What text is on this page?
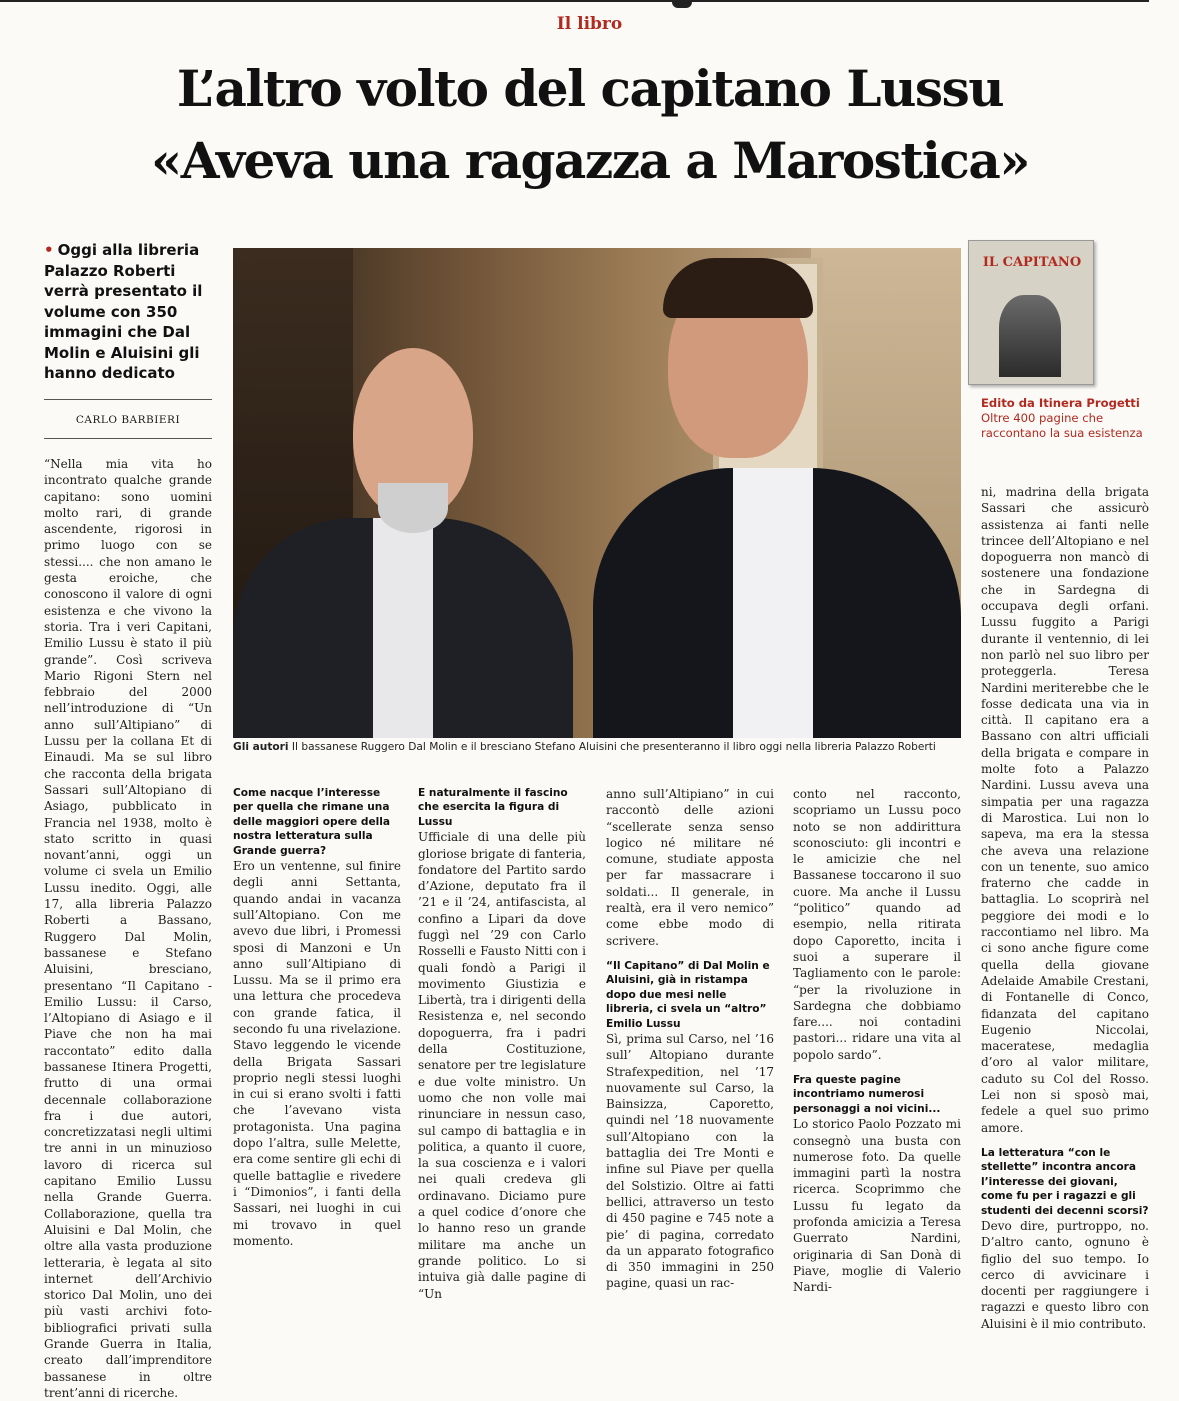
Il libro
L’altro volto del capitano Lussu
«Aveva una ragazza a Marostica»
• Oggi alla libreria Palazzo Roberti verrà presentato il volume con 350 immagini che Dal Molin e Aluisini gli hanno dedicato
CARLO BARBIERI

“Nella mia vita ho incontrato qualche grande capitano: sono uomini molto rari, di grande ascendente, rigorosi in primo luogo con se stessi.... che non amano le gesta eroiche, che conoscono il valore di ogni esistenza e che vivono la storia. Tra i veri Capitani, Emilio Lussu è stato il più grande”. Così scriveva Mario Rigoni Stern nel febbraio del 2000 nell’introduzione di “Un anno sull’Altipiano” di Lussu per la collana Et di Einaudi. Ma se sul libro che racconta della brigata Sassari sull’Altopiano di Asiago, pubblicato in Francia nel 1938, molto è stato scritto in quasi novant’anni, oggi un volume ci svela un Emilio Lussu inedito. Oggi, alle 17, alla libreria Palazzo Roberti a Bassano, Ruggero Dal Molin, bassanese e Stefano Aluisini, bresciano, presentano “Il Capitano - Emilio Lussu: il Carso, l’Altopiano di Asiago e il Piave che non ha mai raccontato” edito dalla bassanese Itinera Progetti, frutto di una ormai decennale collaborazione fra i due autori, concretizzatasi negli ultimi tre anni in un minuzioso lavoro di ricerca sul capitano Emilio Lussu nella Grande Guerra. Collaborazione, quella tra Aluisini e Dal Molin, che oltre alla vasta produzione letteraria, è legata al sito internet dell’Archivio storico Dal Molin, uno dei più vasti archivi foto-bibliografici privati sulla Grande Guerra in Italia, creato dall’imprenditore bassanese in oltre trent’anni di ricerche.

Gli autori Il bassanese Ruggero Dal Molin e il bresciano Stefano Aluisini che presenteranno il libro oggi nella libreria Palazzo Roberti
IL CAPITANO
Edito da Itinera Progetti
Oltre 400 pagine che raccontano la sua esistenza

Come nacque l’interesse per quella che rimane una delle maggiori opere della nostra letteratura sulla Grande guerra?

Ero un ventenne, sul finire degli anni Settanta, quando andai in vacanza sull’Altopiano. Con me avevo due libri, i Promessi sposi di Manzoni e Un anno sull’Altipiano di Lussu. Ma se il primo era una lettura che procedeva con grande fatica, il secondo fu una rivelazione. Stavo leggendo le vicende della Brigata Sassari proprio negli stessi luoghi in cui si erano svolti i fatti che l’avevano vista protagonista. Una pagina dopo l’altra, sulle Melette, era come sentire gli echi di quelle battaglie e rivedere i “Dimonios”, i fanti della Sassari, nei luoghi in cui mi trovavo in quel momento.

E naturalmente il fascino che esercita la figura di Lussu

Ufficiale di una delle più gloriose brigate di fanteria, fondatore del Partito sardo d’Azione, deputato fra il ’21 e il ’24, antifascista, al confino a Lipari da dove fuggì nel ’29 con Carlo Rosselli e Fausto Nitti con i quali fondò a Parigi il movimento Giustizia e Libertà, tra i dirigenti della Resistenza e, nel secondo dopoguerra, fra i padri della Costituzione, senatore per tre legislature e due volte ministro. Un uomo che non volle mai rinunciare in nessun caso, sul campo di battaglia e in politica, a quanto il cuore, la sua coscienza e i valori nei quali credeva gli ordinavano. Diciamo pure a quel codice d’onore che lo hanno reso un grande militare ma anche un grande politico. Lo si intuiva già dalle pagine di “Un

anno sull’Altipiano” in cui raccontò delle azioni “scellerate senza senso logico né militare né comune, studiate apposta per far massacrare i soldati... Il generale, in realtà, era il vero nemico” come ebbe modo di scrivere.

“Il Capitano” di Dal Molin e Aluisini, già in ristampa dopo due mesi nelle libreria, ci svela un “altro” Emilio Lussu

Sì, prima sul Carso, nel ’16 sull’ Altopiano durante Strafexpedition, nel ’17 nuovamente sul Carso, la Bainsizza, Caporetto, quindi nel ’18 nuovamente sull’Altopiano con la battaglia dei Tre Monti e infine sul Piave per quella del Solstizio. Oltre ai fatti bellici, attraverso un testo di 450 pagine e 745 note a pie’ di pagina, corredato da un apparato fotografico di 350 immagini in 250 pagine, quasi un rac-

conto nel racconto, scopriamo un Lussu poco noto se non addirittura sconosciuto: gli incontri e le amicizie che nel Bassanese toccarono il suo cuore. Ma anche il Lussu “politico” quando ad esempio, nella ritirata dopo Caporetto, incita i suoi a superare il Tagliamento con le parole: “per la rivoluzione in Sardegna che dobbiamo fare.... noi contadini pastori... ridare una vita al popolo sardo”.

Fra queste pagine incontriamo numerosi personaggi a noi vicini...

Lo storico Paolo Pozzato mi consegnò una busta con numerose foto. Da quelle immagini partì la nostra ricerca. Scoprimmo che Lussu fu legato da profonda amicizia a Teresa Guerrato Nardini, originaria di San Donà di Piave, moglie di Valerio Nardi-

ni, madrina della brigata Sassari che assicurò assistenza ai fanti nelle trincee dell’Altopiano e nel dopoguerra non mancò di sostenere una fondazione che in Sardegna di occupava degli orfani. Lussu fuggito a Parigi durante il ventennio, di lei non parlò nel suo libro per proteggerla. Teresa Nardini meriterebbe che le fosse dedicata una via in città. Il capitano era a Bassano con altri ufficiali della brigata e compare in molte foto a Palazzo Nardini. Lussu aveva una simpatia per una ragazza di Marostica. Lui non lo sapeva, ma era la stessa che aveva una relazione con un tenente, suo amico fraterno che cadde in battaglia. Lo scoprirà nel peggiore dei modi e lo raccontiamo nel libro. Ma ci sono anche figure come quella della giovane Adelaide Amabile Crestani, di Fontanelle di Conco, fidanzata del capitano Eugenio Niccolai, maceratese, medaglia d’oro al valor militare, caduto su Col del Rosso. Lei non si sposò mai, fedele a quel suo primo amore.

La letteratura “con le stellette” incontra ancora l’interesse dei giovani, come fu per i ragazzi e gli studenti dei decenni scorsi?

Devo dire, purtroppo, no. D’altro canto, ognuno è figlio del suo tempo. Io cerco di avvicinare i docenti per raggiungere i ragazzi e questo libro con Aluisini è il mio contributo.
